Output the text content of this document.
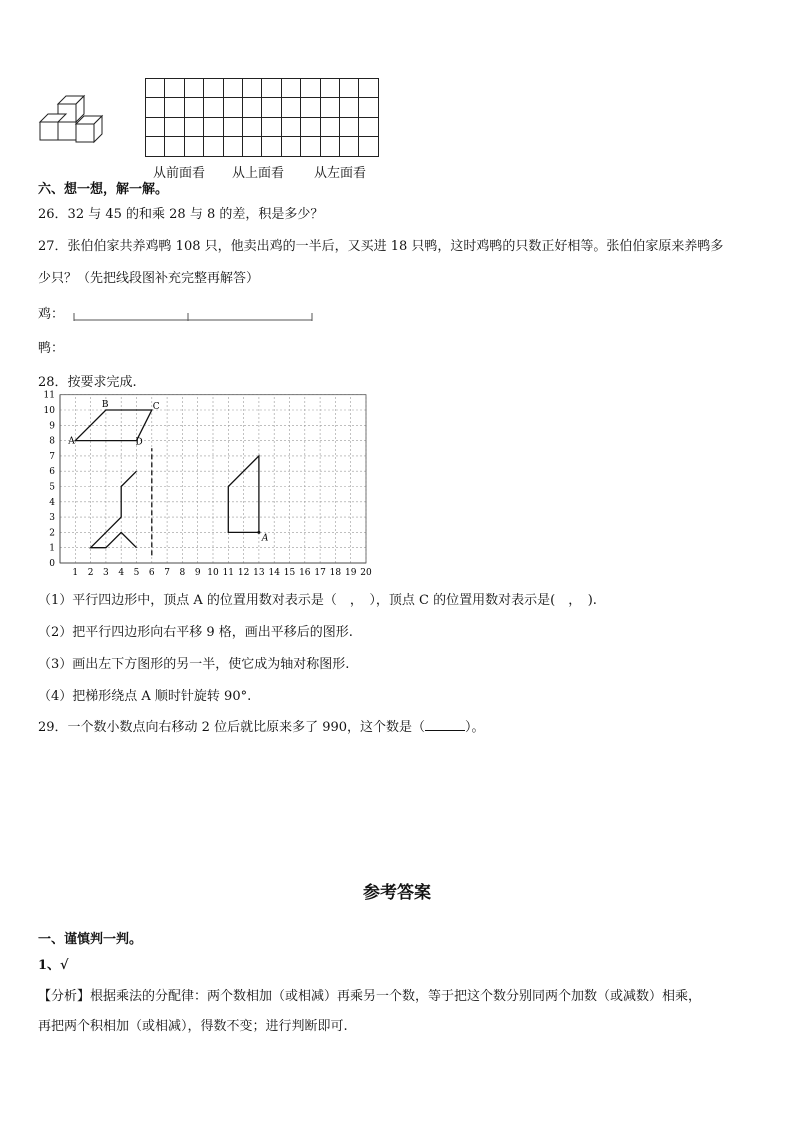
从前面看 从上面看 从左面看
六、想一想，解一解。
26．32 与 45 的和乘 28 与 8 的差，积是多少？
27．张伯伯家共养鸡鸭 108 只，他卖出鸡的一半后，又买进 18 只鸭，这时鸡鸭的只数正好相等。张伯伯家原来养鸭多
少只？（先把线段图补充完整再解答）
鸡：
鸭：
28．按要求完成.
1 2 3 4 5 6 7 8 9 10 11 12 13 14 15 16 17 18 19 20
0
1
2
3
4
5
6
7
8
9
10
11
A
B	C
D
A
（1）平行四边形中，顶点 A 的位置用数对表示是（　，　），顶点 C 的位置用数对表示是(　，　).
（2）把平行四边形向右平移 9 格，画出平移后的图形.
（3）画出左下方图形的另一半，使它成为轴对称图形.
（4）把梯形绕点 A 顺时针旋转 90°.
29．一个数小数点向右移动 2 位后就比原来多了 990，这个数是（	）。
参考答案
一、谨慎判一判。
1、√
【分析】根据乘法的分配律：两个数相加（或相减）再乘另一个数，等于把这个数分别同两个加数（或减数）相乘，
再把两个积相加（或相减），得数不变；进行判断即可.
